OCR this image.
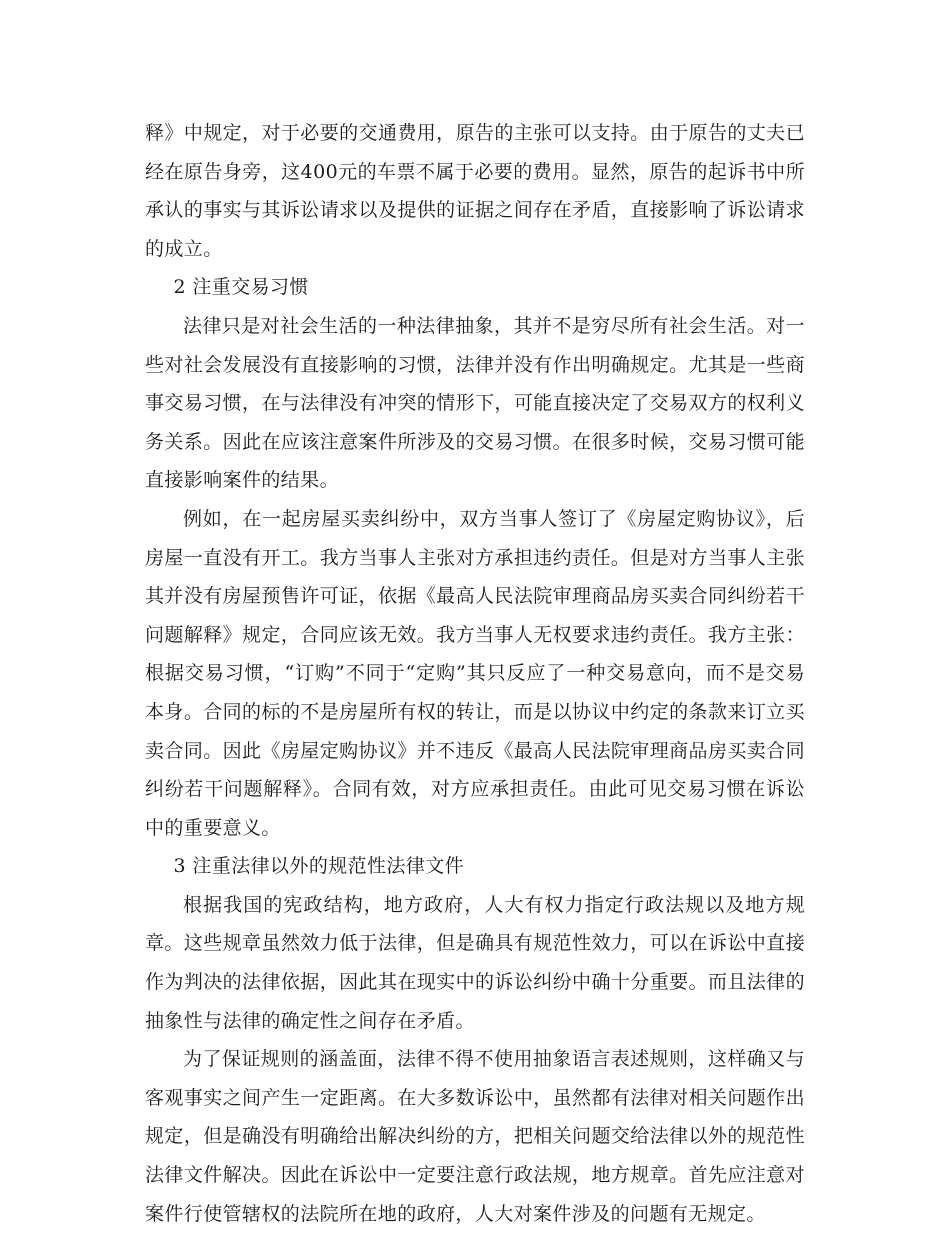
释》中规定，对于必要的交通费用，原告的主张可以支持。由于原告的丈夫已经在原告身旁，这400元的车票不属于必要的费用。显然，原告的起诉书中所承认的事实与其诉讼请求以及提供的证据之间存在矛盾，直接影响了诉讼请求的成立。

2 注重交易习惯

法律只是对社会生活的一种法律抽象，其并不是穷尽所有社会生活。对一些对社会发展没有直接影响的习惯，法律并没有作出明确规定。尤其是一些商事交易习惯，在与法律没有冲突的情形下，可能直接决定了交易双方的权利义务关系。因此在应该注意案件所涉及的交易习惯。在很多时候，交易习惯可能直接影响案件的结果。

例如，在一起房屋买卖纠纷中，双方当事人签订了《房屋定购协议》，后房屋一直没有开工。我方当事人主张对方承担违约责任。但是对方当事人主张其并没有房屋预售许可证，依据《最高人民法院审理商品房买卖合同纠纷若干问题解释》规定，合同应该无效。我方当事人无权要求违约责任。我方主张：根据交易习惯，“订购”不同于“定购”其只反应了一种交易意向，而不是交易本身。合同的标的不是房屋所有权的转让，而是以协议中约定的条款来订立买卖合同。因此《房屋定购协议》并不违反《最高人民法院审理商品房买卖合同纠纷若干问题解释》。合同有效，对方应承担责任。由此可见交易习惯在诉讼中的重要意义。

3 注重法律以外的规范性法律文件

根据我国的宪政结构，地方政府，人大有权力指定行政法规以及地方规章。这些规章虽然效力低于法律，但是确具有规范性效力，可以在诉讼中直接作为判决的法律依据，因此其在现实中的诉讼纠纷中确十分重要。而且法律的抽象性与法律的确定性之间存在矛盾。

为了保证规则的涵盖面，法律不得不使用抽象语言表述规则，这样确又与客观事实之间产生一定距离。在大多数诉讼中，虽然都有法律对相关问题作出规定，但是确没有明确给出解决纠纷的方，把相关问题交给法律以外的规范性法律文件解决。因此在诉讼中一定要注意行政法规，地方规章。首先应注意对案件行使管辖权的法院所在地的政府，人大对案件涉及的问题有无规定。
